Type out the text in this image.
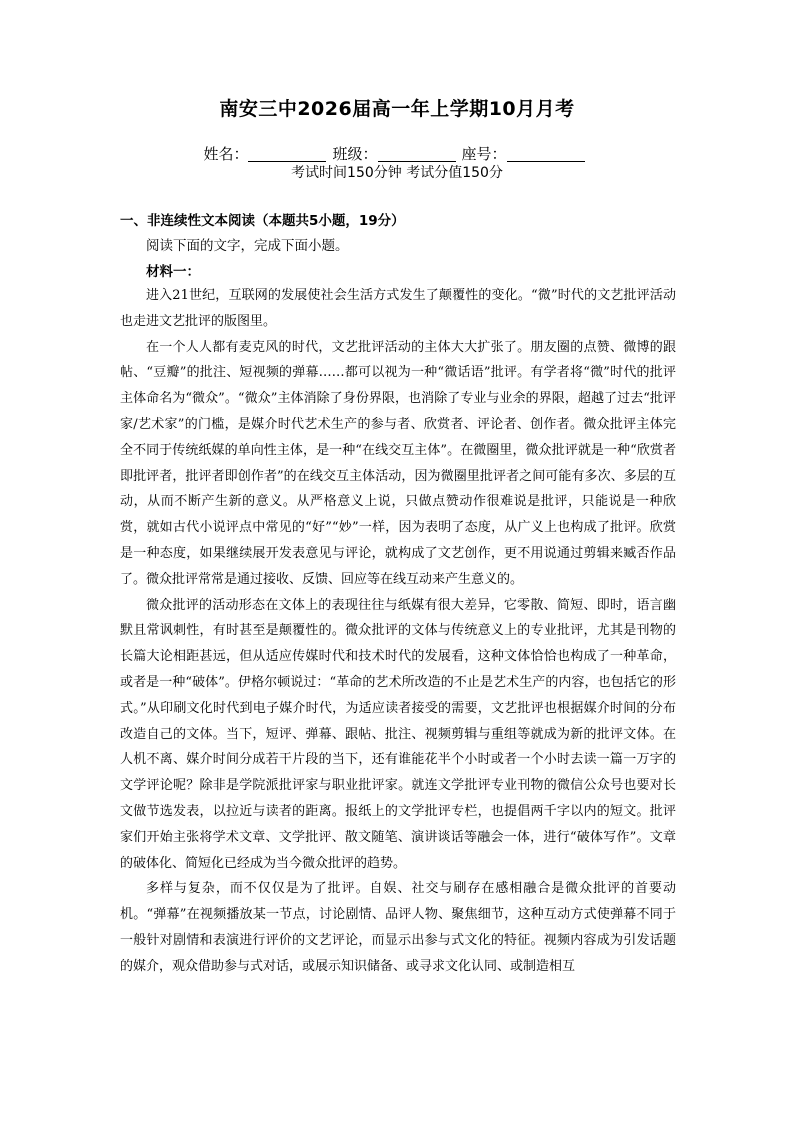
南安三中2026届高一年上学期10月月考
姓名：	班级：	座号：
考试时间150分钟 考试分值150分
一、非连续性文本阅读（本题共5小题，19分）
阅读下面的文字，完成下面小题。
材料一：

进入21世纪，互联网的发展使社会生活方式发生了颠覆性的变化。“微”时代的文艺批评活动也走进文艺批评的版图里。

在一个人人都有麦克风的时代，文艺批评活动的主体大大扩张了。朋友圈的点赞、微博的跟帖、“豆瓣”的批注、短视频的弹幕……都可以视为一种“微话语”批评。有学者将“微”时代的批评主体命名为“微众”。“微众”主体消除了身份界限，也消除了专业与业余的界限，超越了过去“批评家/艺术家”的门槛，是媒介时代艺术生产的参与者、欣赏者、评论者、创作者。微众批评主体完全不同于传统纸媒的单向性主体，是一种“在线交互主体”。在微圈里，微众批评就是一种“欣赏者即批评者，批评者即创作者”的在线交互主体活动，因为微圈里批评者之间可能有多次、多层的互动，从而不断产生新的意义。从严格意义上说，只做点赞动作很难说是批评，只能说是一种欣赏，就如古代小说评点中常见的“好”“妙”一样，因为表明了态度，从广义上也构成了批评。欣赏是一种态度，如果继续展开发表意见与评论，就构成了文艺创作，更不用说通过剪辑来臧否作品了。微众批评常常是通过接收、反馈、回应等在线互动来产生意义的。

微众批评的活动形态在文体上的表现往往与纸媒有很大差异，它零散、简短、即时，语言幽默且常讽刺性，有时甚至是颠覆性的。微众批评的文体与传统意义上的专业批评，尤其是刊物的长篇大论相距甚远，但从适应传媒时代和技术时代的发展看，这种文体恰恰也构成了一种革命，或者是一种“破体”。伊格尔顿说过：“革命的艺术所改造的不止是艺术生产的内容，也包括它的形式。”从印刷文化时代到电子媒介时代，为适应读者接受的需要，文艺批评也根据媒介时间的分布改造自己的文体。当下，短评、弹幕、跟帖、批注、视频剪辑与重组等就成为新的批评文体。在人机不离、媒介时间分成若干片段的当下，还有谁能花半个小时或者一个小时去读一篇一万字的文学评论呢？除非是学院派批评家与职业批评家。就连文学批评专业刊物的微信公众号也要对长文做节选发表，以拉近与读者的距离。报纸上的文学批评专栏，也提倡两千字以内的短文。批评家们开始主张将学术文章、文学批评、散文随笔、演讲谈话等融会一体，进行“破体写作”。文章的破体化、简短化已经成为当今微众批评的趋势。

多样与复杂，而不仅仅是为了批评。自娱、社交与刷存在感相融合是微众批评的首要动机。“弹幕”在视频播放某一节点，讨论剧情、品评人物、聚焦细节，这种互动方式使弹幕不同于一般针对剧情和表演进行评价的文艺评论，而显示出参与式文化的特征。视频内容成为引发话题的媒介，观众借助参与式对话，或展示知识储备、或寻求文化认同、或制造相互
